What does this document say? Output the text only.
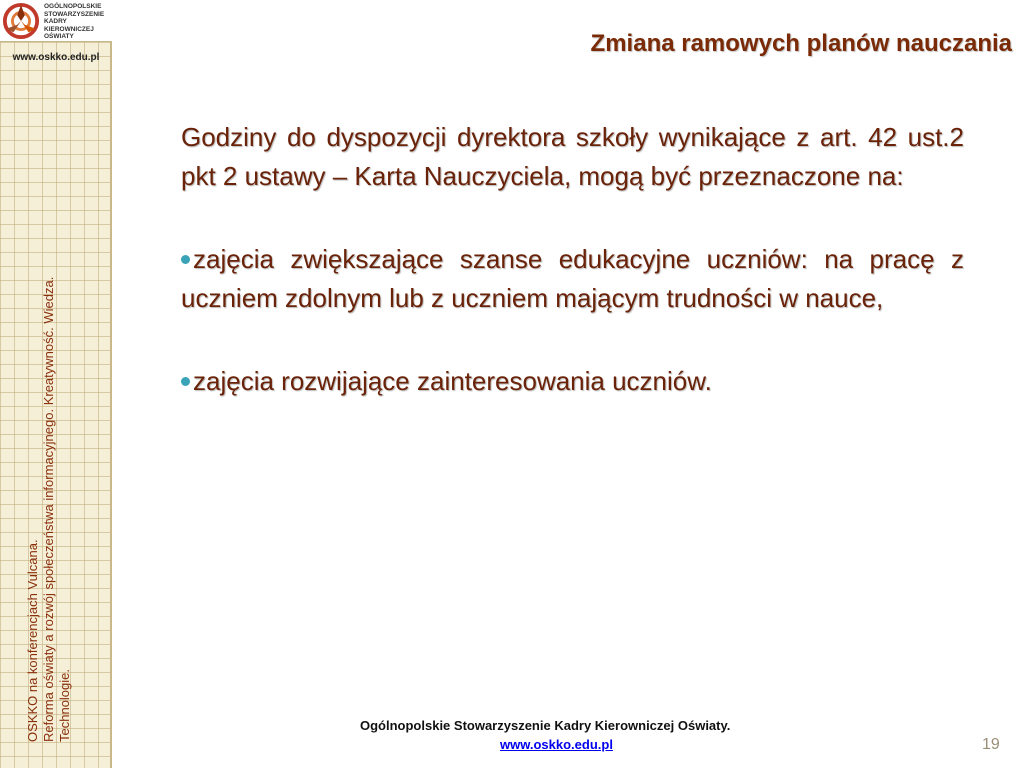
OGÓLNOPOLSKIE
STOWARZYSZENIE
KADRY
KIEROWNICZEJ
OŚWIATY
www.oskko.edu.pl
OSKKO na konferencjach Vulcana. Reforma oświaty a rozwój społeczeństwa informacyjnego. Kreatywność. Wiedza. Technologie.
Zmiana ramowych planów nauczania

Godziny do dyspozycji dyrektora szkoły wynikające z art. 42 ust.2 pkt 2 ustawy – Karta Nauczyciela, mogą być przeznaczone na:

zajęcia zwiększające szanse edukacyjne uczniów: na pracę z uczniem zdolnym lub z uczniem mającym trudności w nauce,

zajęcia rozwijające zainteresowania uczniów.

Ogólnopolskie Stowarzyszenie Kadry Kierowniczej Oświaty.
www.oskko.edu.pl	19
